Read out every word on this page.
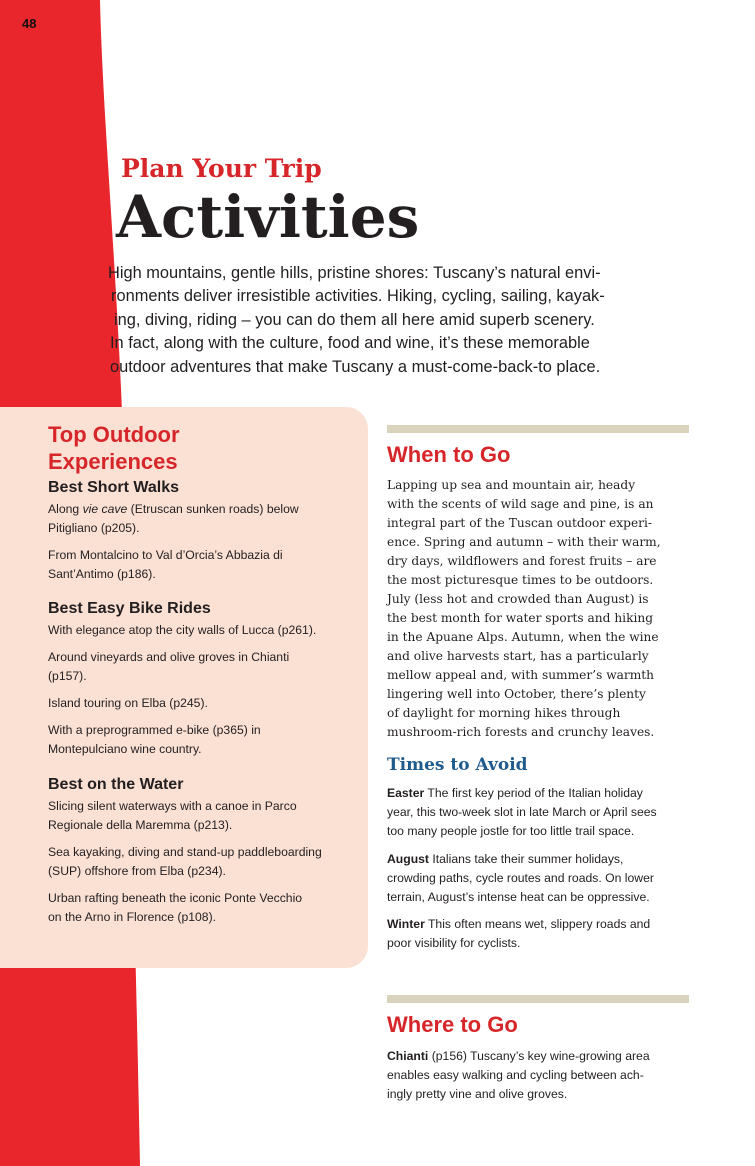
48
Plan Your Trip
Activities
High mountains, gentle hills, pristine shores: Tuscany’s natural envi-
ronments deliver irresistible activities. Hiking, cycling, sailing, kayak-
ing, diving, riding – you can do them all here amid superb scenery.
In fact, along with the culture, food and wine, it’s these memorable
outdoor adventures that make Tuscany a must-come-back-to place.
Top Outdoor
Experiences
Best Short Walks

Along vie cave (Etruscan sunken roads) below
Pitigliano (p205).

From Montalcino to Val d’Orcia’s Abbazia di
Sant’Antimo (p186).

Best Easy Bike Rides

With elegance atop the city walls of Lucca (p261).

Around vineyards and olive groves in Chianti
(p157).

Island touring on Elba (p245).

With a preprogrammed e-bike (p365) in
Montepulciano wine country.

Best on the Water

Slicing silent waterways with a canoe in Parco
Regionale della Maremma (p213).

Sea kayaking, diving and stand-up paddleboarding
(SUP) offshore from Elba (p234).

Urban rafting beneath the iconic Ponte Vecchio
on the Arno in Florence (p108).

When to Go
Lapping up sea and mountain air, heady
with the scents of wild sage and pine, is an
integral part of the Tuscan outdoor experi-
ence. Spring and autumn – with their warm,
dry days, wildflowers and forest fruits – are
the most picturesque times to be outdoors.
July (less hot and crowded than August) is
the best month for water sports and hiking
in the Apuane Alps. Autumn, when the wine
and olive harvests start, has a particularly
mellow appeal and, with summer’s warmth
lingering well into October, there’s plenty
of daylight for morning hikes through
mushroom-rich forests and crunchy leaves.
Times to Avoid

Easter The first key period of the Italian holiday
year, this two-week slot in late March or April sees
too many people jostle for too little trail space.

August Italians take their summer holidays,
crowding paths, cycle routes and roads. On lower
terrain, August’s intense heat can be oppressive.

Winter This often means wet, slippery roads and
poor visibility for cyclists.

Where to Go

Chianti (p156) Tuscany’s key wine-growing area
enables easy walking and cycling between ach-
ingly pretty vine and olive groves.
